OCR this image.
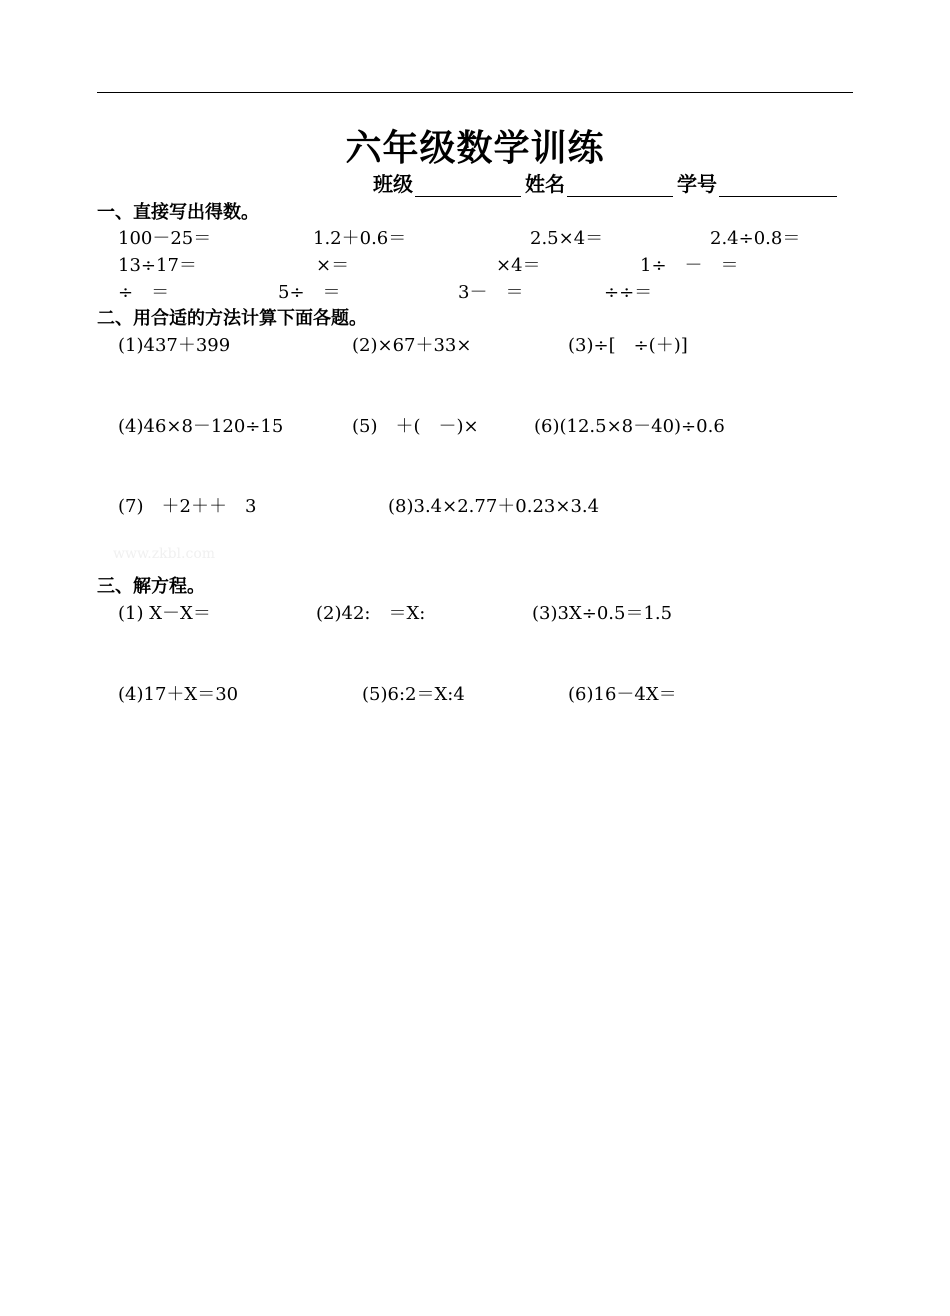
六年级数学训练
班级	姓名	学号
一、直接写出得数。
100－25＝	1.2＋0.6＝	2.5×4＝	2.4÷0.8＝
13÷17＝	×＝	×4＝	1÷　－　＝
÷　＝	5÷　＝	3－　＝	÷÷＝
二、用合适的方法计算下面各题。
(1)437＋399	(2)×67＋33×	(3)÷[　÷(＋)]
(4)46×8－120÷15	(5)　＋(　－)×	(6)(12.5×8－40)÷0.6
(7)　＋2＋＋　3	(8)3.4×2.77＋0.23×3.4
www.zkbl.com
三、解方程。
(1) X－X＝	(2)42:　＝X:	(3)3X÷0.5＝1.5
(4)17＋X＝30	(5)6:2＝X:4	(6)16－4X＝
